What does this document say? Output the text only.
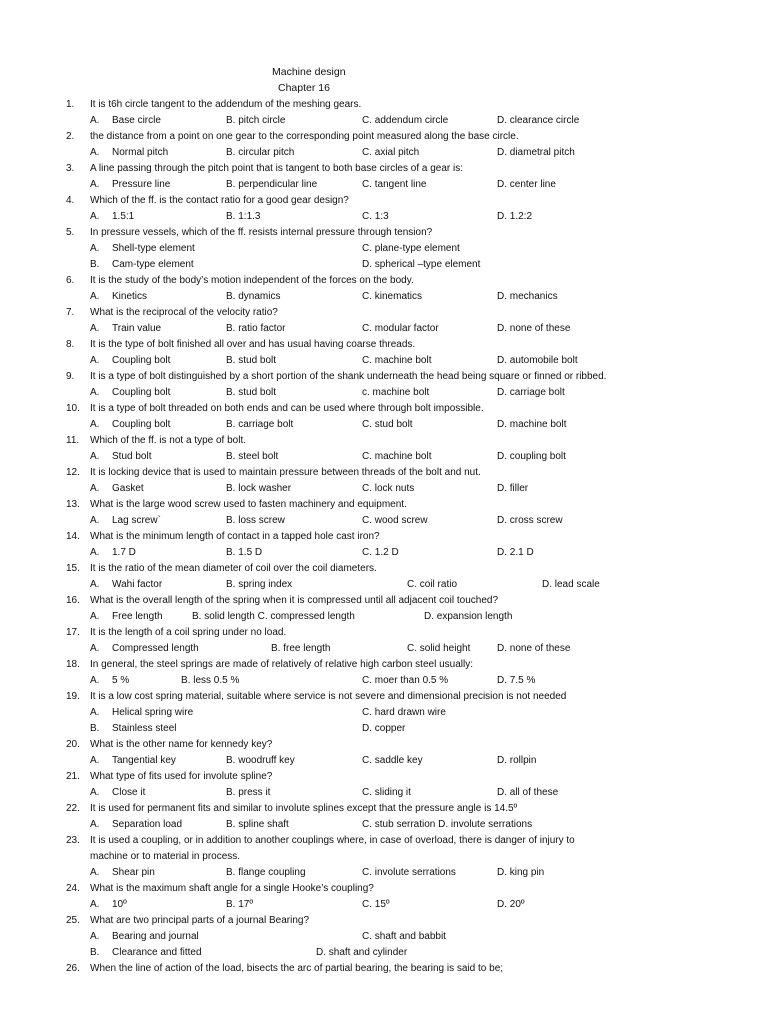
Machine design
Chapter 16
1. It is t6h circle tangent to the addendum of the meshing gears.
A. Base circle	B. pitch circle	C. addendum circle	D. clearance circle
2. the distance from a point on one gear to the corresponding point measured along the base circle.
A. Normal pitch	B. circular pitch	C. axial pitch	D. diametral pitch
3. A line passing through the pitch point that is tangent to both base circles of a gear is:
A. Pressure line	B. perpendicular line	C. tangent line	D. center line
4. Which of the ff. is the contact ratio for a good gear design?
A. 1.5:1	B. 1:1.3	C. 1:3	D. 1.2:2
5. In pressure vessels, which of the ff. resists internal pressure through tension?
A. Shell-type element	C. plane-type element
B. Cam-type element	D. spherical –type element
6. It is the study of the body’s motion independent of the forces on the body.
A. Kinetics	B. dynamics	C. kinematics	D. mechanics
7. What is the reciprocal of the velocity ratio?
A. Train value	B. ratio factor	C. modular factor	D. none of these
8. It is the type of bolt finished all over and has usual having coarse threads.
A. Coupling bolt	B. stud bolt	C. machine bolt	D. automobile bolt
9. It is a type of bolt distinguished by a short portion of the shank underneath the head being square or finned or ribbed.
A. Coupling bolt	B. stud bolt	c. machine bolt	D. carriage bolt
10. It is a type of bolt threaded on both ends and can be used where through bolt impossible.
A. Coupling bolt	B. carriage bolt	C. stud bolt	D. machine bolt
11. Which of the ff. is not a type of bolt.
A. Stud bolt	B. steel bolt	C. machine bolt	D. coupling bolt
12. It is locking device that is used to maintain pressure between threads of the bolt and nut.
A. Gasket	B. lock washer	C. lock nuts	D. filler
13. What is the large wood screw used to fasten machinery and equipment.
A. Lag screw`	B. loss screw	C. wood screw	D. cross screw
14. What is the minimum length of contact in a tapped hole cast iron?
A. 1.7 D	B. 1.5 D	C. 1.2 D	D. 2.1 D
15. It is the ratio of the mean diameter of coil over the coil diameters.
A. Wahi factor	B. spring index	C. coil ratio	D. lead scale
16. What is the overall length of the spring when it is compressed until all adjacent coil touched?
A. Free length	B. solid length C. compressed length	D. expansion length
17. It is the length of a coil spring under no load.
A. Compressed length	B. free length	C. solid height	D. none of these
18. In general, the steel springs are made of relatively of relative high carbon steel usually:
A. 5 %	B. less 0.5 %	C. moer than 0.5 %	D. 7.5 %
19. It is a low cost spring material, suitable where service is not severe and dimensional precision is not needed
A. Helical spring wire	C. hard drawn wire
B. Stainless steel	D. copper
20. What is the other name for kennedy key?
A. Tangential key	B. woodruff key	C. saddle key	D. rollpin
21. What type of fits used for involute spline?
A. Close it	B. press it	C. sliding it	D. all of these
22. It is used for permanent fits and similar to involute splines except that the pressure angle is 14.5º
A. Separation load	B. spline shaft	C. stub serration D. involute serrations
23. It is used a coupling, or in addition to another couplings where, in case of overload, there is danger of injury to
machine or to material in process.
A. Shear pin	B. flange coupling	C. involute serrations	D. king pin
24. What is the maximum shaft angle for a single Hooke’s coupling?
A. 10º	B. 17º	C. 15º	D. 20º
25. What are two principal parts of a journal Bearing?
A. Bearing and journal	C. shaft and babbit
B. Clearance and fitted	D. shaft and cylinder
26. When the line of action of the load, bisects the arc of partial bearing, the bearing is said to be;
